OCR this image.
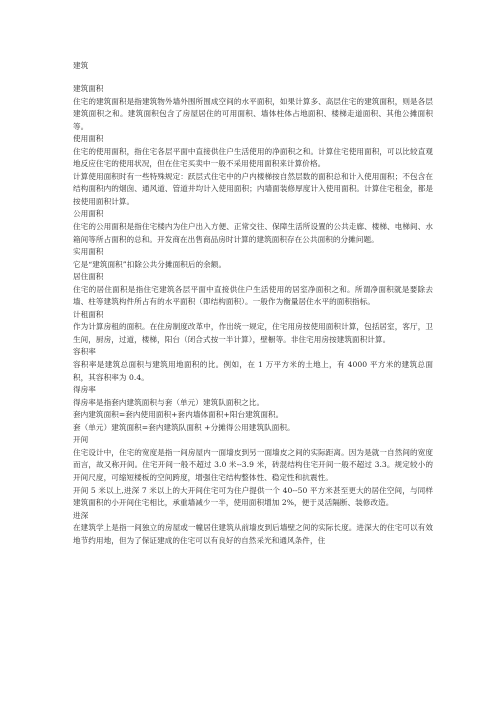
建筑
建筑面积
住宅的建筑面积是指建筑物外墙外围所围成空间的水平面积，如果计算多、高层住宅的建筑面积，则是各层建筑面积之和。建筑面积包含了房屋居住的可用面积、墙体柱体占地面积、楼梯走道面积、其他公摊面积等。
使用面积
住宅的使用面积，指住宅各层平面中直接供住户生活使用的净面积之和。计算住宅使用面积，可以比较直观地反应住宅的使用状况，但在住宅买卖中一般不采用使用面积来计算价格。
计算使用面积时有一些特殊规定：跃层式住宅中的户内楼梯按自然层数的面积总和计入使用面积；不包含在结构面积内的烟囱、通风道、管道井均计入使用面积；内墙面装修厚度计入使用面积。计算住宅租金，都是按使用面积计算。
公用面积
住宅的公用面积是指住宅楼内为住户出入方便、正常交往、保障生活所设置的公共走廊、楼梯、电梯间、水箱间等所占面积的总和。开发商在出售商品房时计算的建筑面积存在公共面积的分摊问题。
实用面积
它是“建筑面积”扣除公共分摊面积后的余额。
居住面积
住宅的居住面积是指住宅建筑各层平面中直接供住户生活使用的居室净面积之和。所谓净面积就是要除去墙、柱等建筑构件所占有的水平面积（即结构面积）。一般作为衡量居住水平的面积指标。
计租面积
作为计算房租的面积。在住房制度改革中，作出统一规定，住宅用房按使用面积计算，包括居室，客厅，卫生间，厨房，过道，楼梯，阳台（闭合式按一半计算），壁橱等。非住宅用房按建筑面积计算。
容积率
容积率是建筑总面积与建筑用地面积的比。例如，在 1 万平方米的土地上，有 4000 平方米的建筑总面积，其容积率为 0.4。
得房率
得房率是指套内建筑面积与套（单元）建筑队面积之比。
套内建筑面积=套内使用面积+套内墙体面积+阳台建筑面积。
套（单元）建筑面积=套内建筑队面积 +分摊得公用建筑队面积。
开间
住宅设计中，住宅的宽度是指一间房屋内一面墙皮到另一面墙皮之间的实际距离。因为是就一自然间的宽度而言，故又称开间。住宅开间一般不超过 3.0 米--3.9 米，砖混结构住宅开间一般不超过 3.3。规定较小的开间尺度，可缩短楼板的空间跨度，增强住宅结构整体性、稳定性和抗震性。
开间 5 米以上,进深 7 米以上的大开间住宅可为住户提供一个 40--50 平方米甚至更大的居住空间，与同样建筑面积的小开间住宅相比，承重墙减少一半，使用面积增加 2%，便于灵活隔断、装修改造。
进深
在建筑学上是指一间独立的房屋或一幢居住建筑从前墙皮到后墙壁之间的实际长度。进深大的住宅可以有效地节约用地，但为了保证建成的住宅可以有良好的自然采光和通风条件，住
